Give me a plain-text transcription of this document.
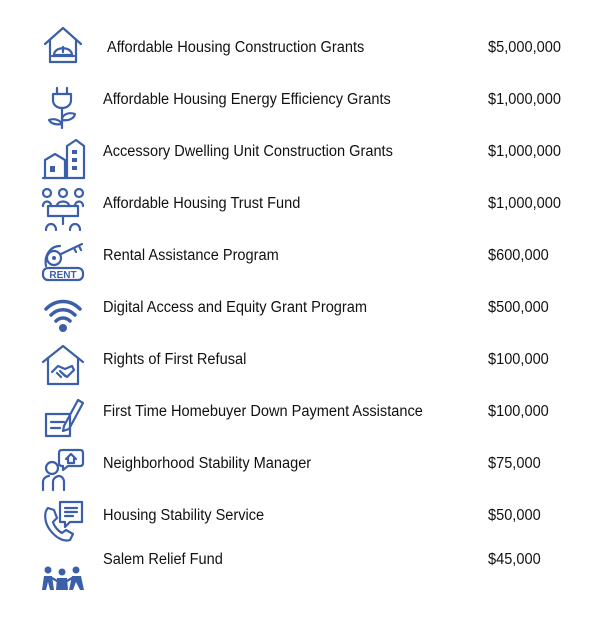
Affordable Housing Construction Grants	$5,000,000
Affordable Housing Energy Efficiency Grants	$1,000,000
Accessory Dwelling Unit Construction Grants	$1,000,000
Affordable Housing Trust Fund	$1,000,000
RENT
Rental Assistance Program	$600,000
Digital Access and Equity Grant Program	$500,000
Rights of First Refusal	$100,000
First Time Homebuyer Down Payment Assistance	$100,000
Neighborhood Stability Manager	$75,000
Housing Stability Service	$50,000
Salem Relief Fund	$45,000
